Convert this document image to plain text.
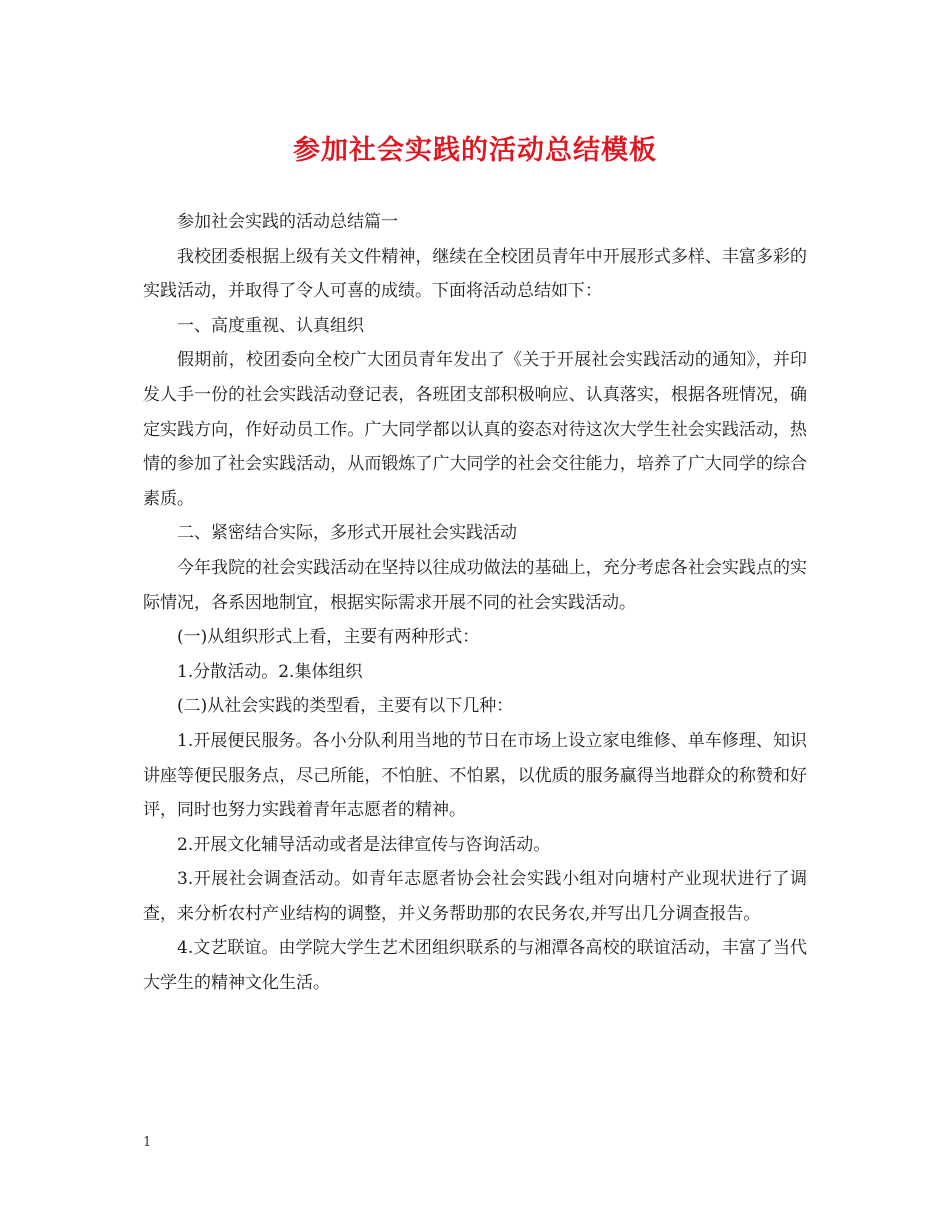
参加社会实践的活动总结模板

参加社会实践的活动总结篇一

我校团委根据上级有关文件精神，继续在全校团员青年中开展形式多样、丰富多彩的实践活动，并取得了令人可喜的成绩。下面将活动总结如下：

一、高度重视、认真组织

假期前，校团委向全校广大团员青年发出了《关于开展社会实践活动的通知》，并印发人手一份的社会实践活动登记表，各班团支部积极响应、认真落实，根据各班情况，确定实践方向，作好动员工作。广大同学都以认真的姿态对待这次大学生社会实践活动，热情的参加了社会实践活动，从而锻炼了广大同学的社会交往能力，培养了广大同学的综合素质。

二、紧密结合实际，多形式开展社会实践活动

今年我院的社会实践活动在坚持以往成功做法的基础上，充分考虑各社会实践点的实际情况，各系因地制宜，根据实际需求开展不同的社会实践活动。

(一)从组织形式上看，主要有两种形式：

1.分散活动。2.集体组织

(二)从社会实践的类型看，主要有以下几种：

1.开展便民服务。各小分队利用当地的节日在市场上设立家电维修、单车修理、知识讲座等便民服务点，尽己所能，不怕脏、不怕累，以优质的服务赢得当地群众的称赞和好评，同时也努力实践着青年志愿者的精神。

2.开展文化辅导活动或者是法律宣传与咨询活动。

3.开展社会调查活动。如青年志愿者协会社会实践小组对向塘村产业现状进行了调查，来分析农村产业结构的调整，并义务帮助那的农民务农,并写出几分调查报告。

4.文艺联谊。由学院大学生艺术团组织联系的与湘潭各高校的联谊活动，丰富了当代大学生的精神文化生活。

1
